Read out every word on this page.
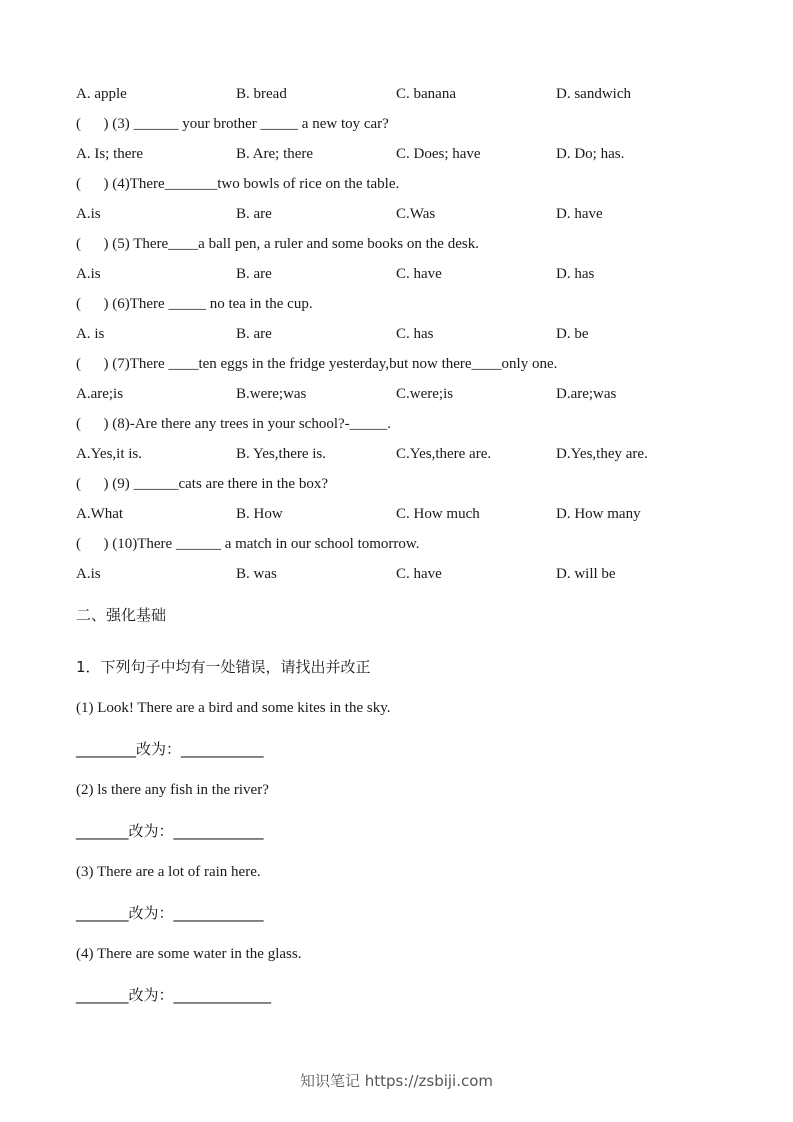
A. apple	B. bread	C. banana	D. sandwich
(      ) (3) ______ your brother _____ a new toy car?
A. Is; there	B. Are; there	C. Does; have	D. Do; has.
(      ) (4)There_______two bowls of rice on the table.
A.is	B. are	C.Was	D. have
(      ) (5) There____a ball pen, a ruler and some books on the desk.
A.is	B. are	C. have	D. has
(      ) (6)There _____ no tea in the cup.
A. is	B. are	C. has	D. be
(      ) (7)There ____ten eggs in the fridge yesterday,but now there____only one.
A.are;is	B.were;was	C.were;is	D.are;was
(      ) (8)-Are there any trees in your school?-_____.
A.Yes,it is.	B. Yes,there is.	C.Yes,there are.	D.Yes,they are.
(      ) (9) ______cats are there in the box?
A.What	B. How	C. How much	D. How many
(      ) (10)There ______ a match in our school tomorrow.
A.is	B. was	C. have	D. will be
二、强化基础
1．下列句子中均有一处错误，请找出并改正
(1) Look! There are a bird and some kites in the sky.
________改为：___________
(2) ls there any fish in the river?
_______改为：____________
(3) There are a lot of rain here.
_______改为：____________
(4) There are some water in the glass.
_______改为：_____________
知识笔记 https://zsbiji.com
